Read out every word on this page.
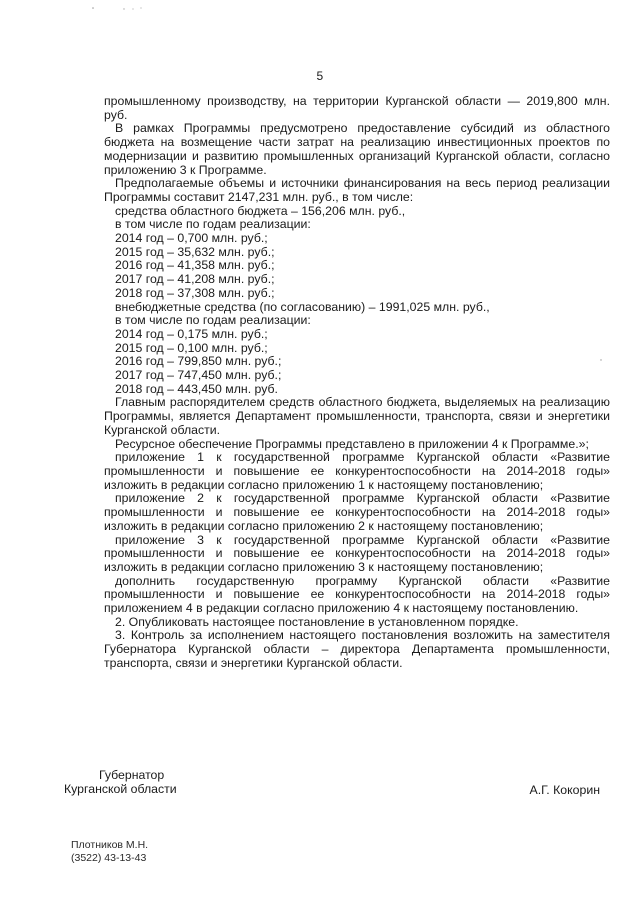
5
промышленному производству, на территории Курганской области — 2019,800 млн. руб.
В рамках Программы предусмотрено предоставление субсидий из областного бюджета на возмещение части затрат на реализацию инвестиционных проектов по модернизации и развитию промышленных организаций Курганской области, согласно приложению 3 к Программе.
Предполагаемые объемы и источники финансирования на весь период реализации Программы составит 2147,231 млн. руб., в том числе:
средства областного бюджета – 156,206 млн. руб.,
в том числе по годам реализации:
2014 год – 0,700 млн. руб.;
2015 год – 35,632 млн. руб.;
2016 год – 41,358 млн. руб.;
2017 год – 41,208 млн. руб.;
2018 год – 37,308 млн. руб.;
внебюджетные средства (по согласованию) – 1991,025 млн. руб.,
в том числе по годам реализации:
2014 год – 0,175 млн. руб.;
2015 год – 0,100 млн. руб.;
2016 год – 799,850 млн. руб.;
2017 год – 747,450 млн. руб.;
2018 год – 443,450 млн. руб.
Главным распорядителем средств областного бюджета, выделяемых на реализацию Программы, является Департамент промышленности, транспорта, связи и энергетики Курганской области.
Ресурсное обеспечение Программы представлено в приложении 4 к Программе.»;
приложение 1 к государственной программе Курганской области «Развитие промышленности и повышение ее конкурентоспособности на 2014-2018 годы» изложить в редакции согласно приложению 1 к настоящему постановлению;
приложение 2 к государственной программе Курганской области «Развитие промышленности и повышение ее конкурентоспособности на 2014-2018 годы» изложить в редакции согласно приложению 2 к настоящему постановлению;
приложение 3 к государственной программе Курганской области «Развитие промышленности и повышение ее конкурентоспособности на 2014-2018 годы» изложить в редакции согласно приложению 3 к настоящему постановлению;
дополнить государственную программу Курганской области «Развитие промышленности и повышение ее конкурентоспособности на 2014-2018 годы» приложением 4 в редакции согласно приложению 4 к настоящему постановлению.
2. Опубликовать настоящее постановление в установленном порядке.
3. Контроль за исполнением настоящего постановления возложить на заместителя Губернатора Курганской области – директора Департамента промышленности, транспорта, связи и энергетики Курганской области.
Губернатор
Курганской области	А.Г. Кокорин
Плотников М.Н.
(3522) 43-13-43
